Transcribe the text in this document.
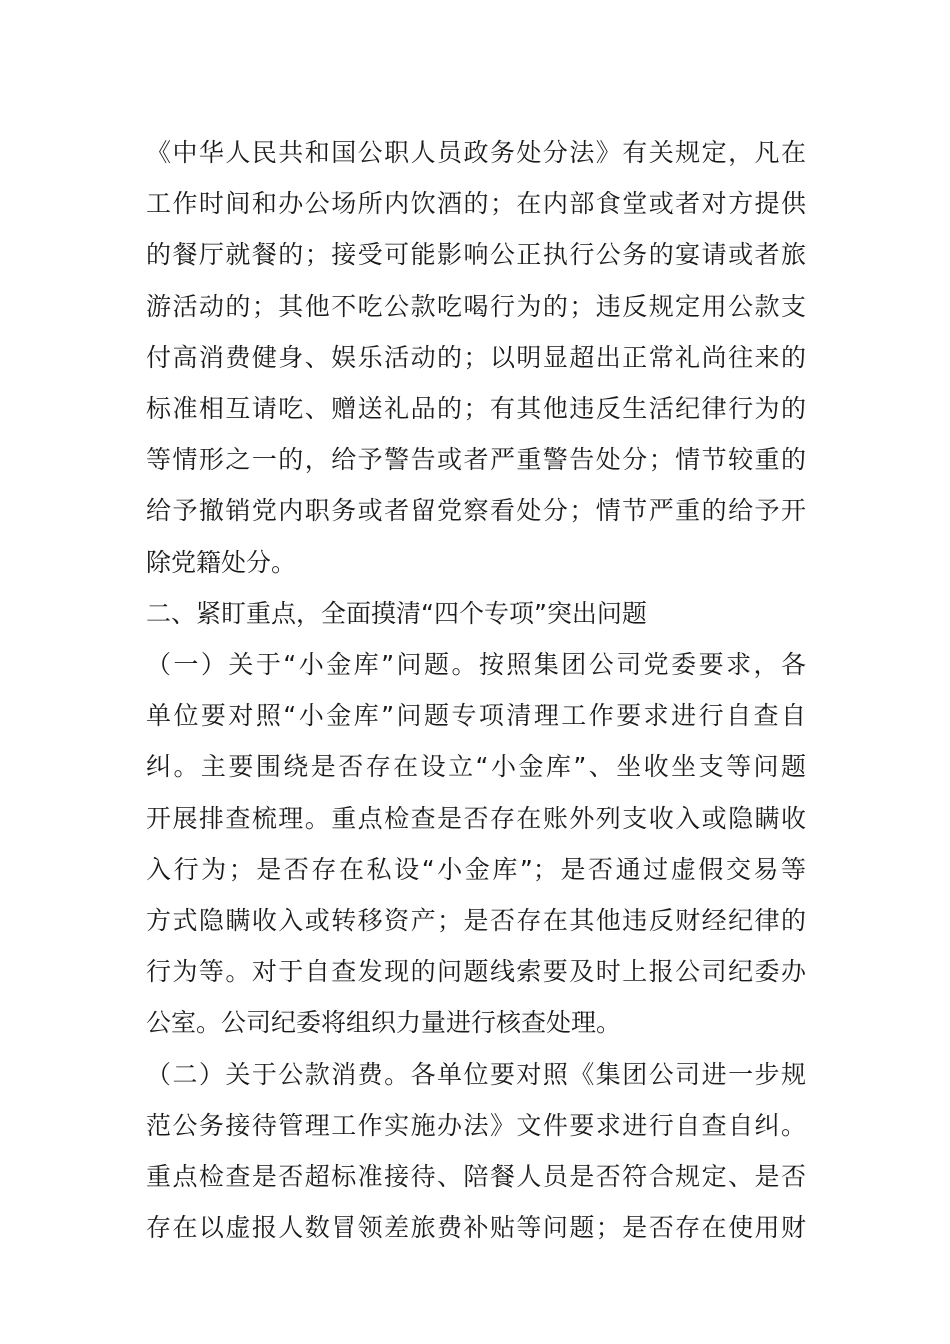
《中华人民共和国公职人员政务处分法》有关规定，凡在
工作时间和办公场所内饮酒的；在内部食堂或者对方提供
的餐厅就餐的；接受可能影响公正执行公务的宴请或者旅
游活动的；其他不吃公款吃喝行为的；违反规定用公款支
付高消费健身、娱乐活动的；以明显超出正常礼尚往来的
标准相互请吃、赠送礼品的；有其他违反生活纪律行为的
等情形之一的，给予警告或者严重警告处分；情节较重的
给予撤销党内职务或者留党察看处分；情节严重的给予开
除党籍处分。
二、紧盯重点，全面摸清“四个专项”突出问题
（一）关于“小金库”问题。按照集团公司党委要求，各
单位要对照“小金库”问题专项清理工作要求进行自查自
纠。主要围绕是否存在设立“小金库”、坐收坐支等问题
开展排查梳理。重点检查是否存在账外列支收入或隐瞒收
入行为；是否存在私设“小金库”；是否通过虚假交易等
方式隐瞒收入或转移资产；是否存在其他违反财经纪律的
行为等。对于自查发现的问题线索要及时上报公司纪委办
公室。公司纪委将组织力量进行核查处理。
（二）关于公款消费。各单位要对照《集团公司进一步规
范公务接待管理工作实施办法》文件要求进行自查自纠。
重点检查是否超标准接待、陪餐人员是否符合规定、是否
存在以虚报人数冒领差旅费补贴等问题；是否存在使用财
